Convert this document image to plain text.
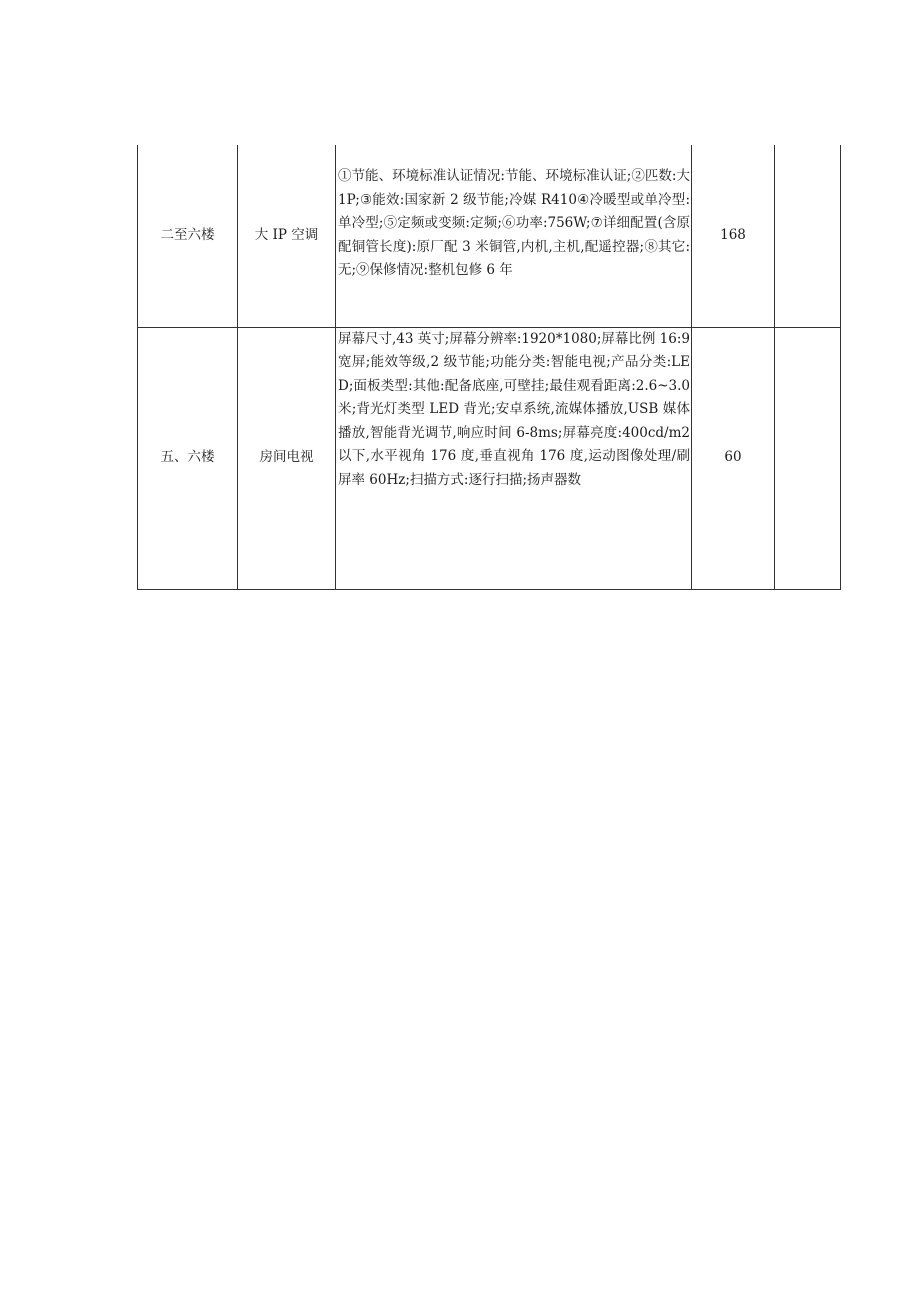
二至六楼	大 IP 空调	①节能、环境标准认证情况:节能、环境标准认证;②匹数:大 1P;③能效:国家新 2 级节能;冷媒 R410④冷暖型或单冷型:单冷型;⑤定频或变频:定频;⑥功率:756W;⑦详细配置(含原配铜管长度):原厂配 3 米铜管,内机,主机,配遥控器;⑧其它:无;⑨保修情况:整机包修 6 年	168	
五、六楼	房间电视	屏幕尺寸,43 英寸;屏幕分辨率:1920*1080;屏幕比例 16:9 宽屏;能效等级,2 级节能;功能分类:智能电视;产品分类:LED;面板类型:其他:配备底座,可壁挂;最佳观看距离:2.6~3.0 米;背光灯类型 LED 背光;安卓系统,流媒体播放,USB 媒体播放,智能背光调节,响应时间 6-8ms;屏幕亮度:400cd/m2 以下,水平视角 176 度,垂直视角 176 度,运动图像处理/刷屏率 60Hz;扫描方式:逐行扫描;扬声器数	60	
